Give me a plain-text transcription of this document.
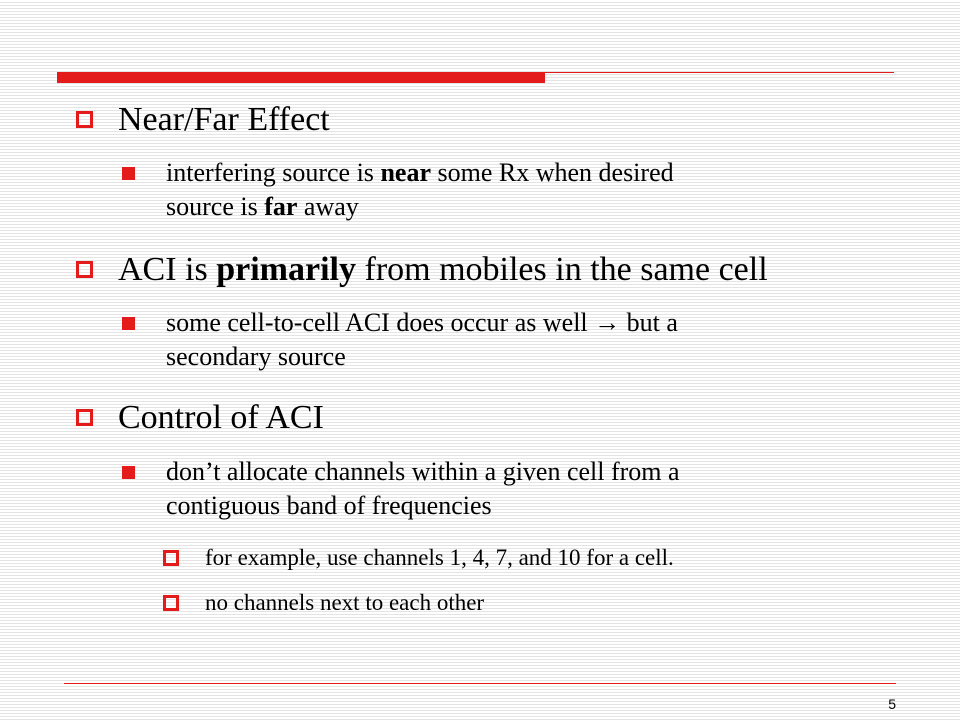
Near/Far Effect
interfering source is near some Rx when desired
source is far away
ACI is primarily from mobiles in the same cell
some cell-to-cell ACI does occur as well → but a
secondary source
Control of ACI
don’t allocate channels within a given cell from a
contiguous band of frequencies
for example, use channels 1, 4, 7, and 10 for a cell.
no channels next to each other
5
